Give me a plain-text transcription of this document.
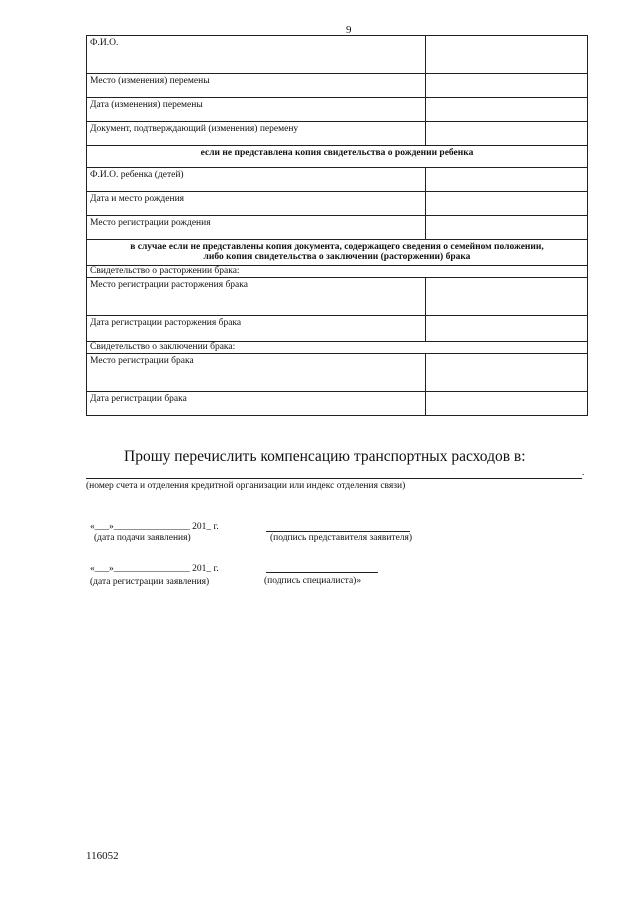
9
Ф.И.О.	
Место (изменения) перемены	
Дата (изменения) перемены	
Документ, подтверждающий (изменения) перемену	

если не представлена копия свидетельства о рождении ребенка	

Ф.И.О. ребенка (детей)	
Дата и место рождения	
Место регистрации рождения	

в случае если не представлены копия документа, содержащего сведения о семейном положении,
либо копия свидетельства о заключении (расторжении) брака	

Свидетельство о расторжении брака:	
Место регистрации расторжения брака	
Дата регистрации расторжения брака	
Свидетельство о заключении брака:	
Место регистрации брака	
Дата регистрации брака	
Прошу перечислить компенсацию транспортных расходов в:
.
(номер счета и отделения кредитной организации или индекс отделения связи)
«___»________________ 201_ г.
(дата подачи заявления)	(подпись представителя заявителя)
«___»________________ 201_ г.
(дата регистрации заявления)	(подпись специалиста)»
116052
